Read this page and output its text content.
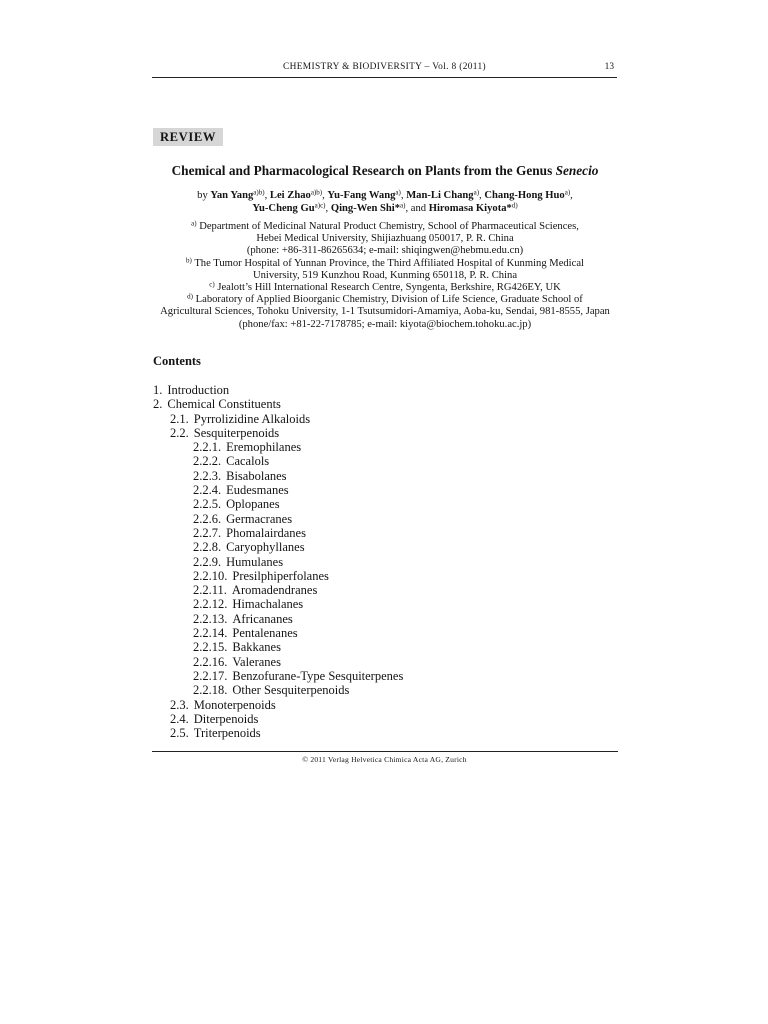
CHEMISTRY & BIODIVERSITY – Vol. 8 (2011)	13
REVIEW
Chemical and Pharmacological Research on Plants from the Genus Senecio
by Yan Yang$^{a)b)}$, Lei Zhao$^{a)b)}$, Yu-Fang Wang$^{a)}$, Man-Li Chang$^{a)}$, Chang-Hong Huo$^{a)}$,
Yu-Cheng $Gu^{a)c)}$, Qing-Wen Shi*$^{a)}$, and Hiromasa Kiyota*$^{d)}$
$^{a)}$ Department of Medicinal Natural Product Chemistry, School of Pharmaceutical Sciences,
Hebei Medical University, Shijiazhuang 050017, P. R. China
(phone: +86-311-86265634; e-mail: shiqingwen@hebmu.edu.cn)
$^{b)}$ The Tumor Hospital of Yunnan Province, the Third Affiliated Hospital of Kunming Medical
University, 519 Kunzhou Road, Kunming 650118, P. R. China
$^{c)}$ Jealott’s Hill International Research Centre, Syngenta, Berkshire, RG426EY, UK
$^{d)}$ Laboratory of Applied Bioorganic Chemistry, Division of Life Science, Graduate School of
Agricultural Sciences, Tohoku University, 1-1 Tsutsumidori-Amamiya, Aoba-ku, Sendai, 981-8555, Japan
(phone/fax: +81-22-7178785; e-mail: kiyota@biochem.tohoku.ac.jp)
Contents
1. Introduction
2. Chemical Constituents
2.1. Pyrrolizidine Alkaloids
2.2. Sesquiterpenoids
2.2.1. Eremophilanes
2.2.2. Cacalols
2.2.3. Bisabolanes
2.2.4. Eudesmanes
2.2.5. Oplopanes
2.2.6. Germacranes
2.2.7. Phomalairdanes
2.2.8. Caryophyllanes
2.2.9. Humulanes
2.2.10. Presilphiperfolanes
2.2.11. Aromadendranes
2.2.12. Himachalanes
2.2.13. Africananes
2.2.14. Pentalenanes
2.2.15. Bakkanes
2.2.16. Valeranes
2.2.17. Benzofurane-Type Sesquiterpenes
2.2.18. Other Sesquiterpenoids
2.3. Monoterpenoids
2.4. Diterpenoids
2.5. Triterpenoids
© 2011 Verlag Helvetica Chimica Acta AG, Zurich
